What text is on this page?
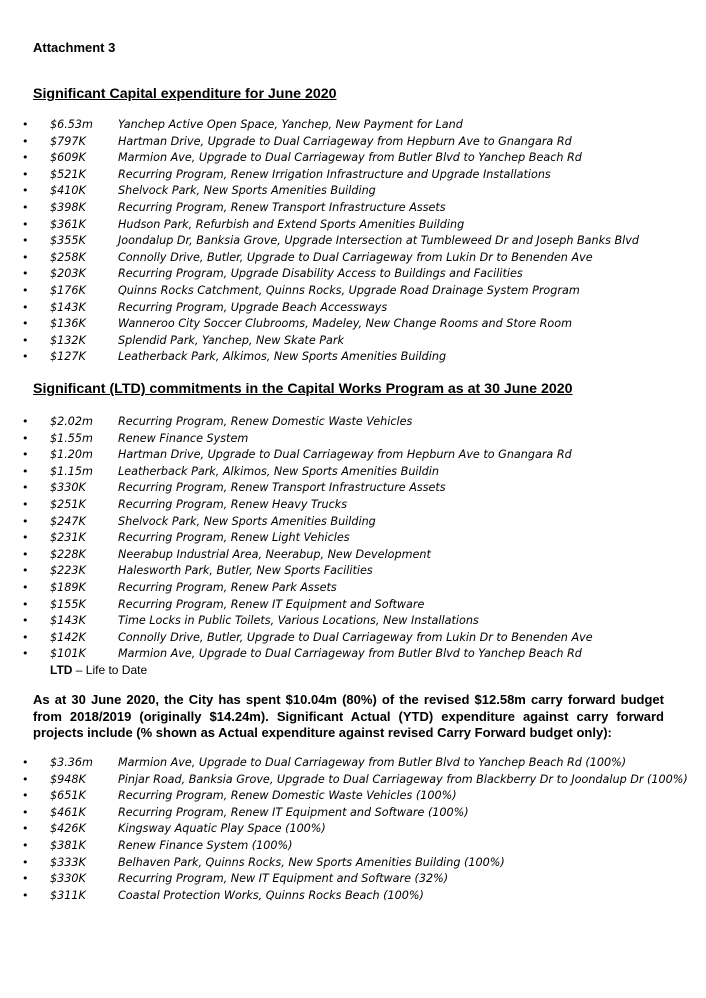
Attachment 3
Significant Capital expenditure for June 2020
• $6.53m Yanchep Active Open Space, Yanchep, New Payment for Land
• $797K	Hartman Drive, Upgrade to Dual Carriageway from Hepburn Ave to Gnangara Rd
• $609K	Marmion Ave, Upgrade to Dual Carriageway from Butler Blvd to Yanchep Beach Rd
• $521K	Recurring Program, Renew Irrigation Infrastructure and Upgrade Installations
• $410K	Shelvock Park, New Sports Amenities Building
• $398K	Recurring Program, Renew Transport Infrastructure Assets
• $361K	Hudson Park, Refurbish and Extend Sports Amenities Building
• $355K	Joondalup Dr, Banksia Grove, Upgrade Intersection at Tumbleweed Dr and Joseph Banks Blvd
• $258K	Connolly Drive, Butler, Upgrade to Dual Carriageway from Lukin Dr to Benenden Ave
• $203K	Recurring Program, Upgrade Disability Access to Buildings and Facilities
• $176K	Quinns Rocks Catchment, Quinns Rocks, Upgrade Road Drainage System Program
• $143K	Recurring Program, Upgrade Beach Accessways
• $136K	Wanneroo City Soccer Clubrooms, Madeley, New Change Rooms and Store Room
• $132K	Splendid Park, Yanchep, New Skate Park
• $127K	Leatherback Park, Alkimos, New Sports Amenities Building
Significant (LTD) commitments in the Capital Works Program as at 30 June 2020
• $2.02m Recurring Program, Renew Domestic Waste Vehicles
• $1.55m Renew Finance System
• $1.20m Hartman Drive, Upgrade to Dual Carriageway from Hepburn Ave to Gnangara Rd
• $1.15m Leatherback Park, Alkimos, New Sports Amenities Buildin
• $330K	Recurring Program, Renew Transport Infrastructure Assets
• $251K	Recurring Program, Renew Heavy Trucks
• $247K	Shelvock Park, New Sports Amenities Building
• $231K	Recurring Program, Renew Light Vehicles
• $228K	Neerabup Industrial Area, Neerabup, New Development
• $223K	Halesworth Park, Butler, New Sports Facilities
• $189K	Recurring Program, Renew Park Assets
• $155K	Recurring Program, Renew IT Equipment and Software
• $143K	Time Locks in Public Toilets, Various Locations, New Installations
• $142K	Connolly Drive, Butler, Upgrade to Dual Carriageway from Lukin Dr to Benenden Ave
• $101K	Marmion Ave, Upgrade to Dual Carriageway from Butler Blvd to Yanchep Beach Rd
LTD – Life to Date

As at 30 June 2020, the City has spent $10.04m (80%) of the revised $12.58m carry forward budget from 2018/2019 (originally $14.24m). Significant Actual (YTD) expenditure against carry forward projects include (% shown as Actual expenditure against revised Carry Forward budget only):

• $3.36m Marmion Ave, Upgrade to Dual Carriageway from Butler Blvd to Yanchep Beach Rd (100%)
• $948K	Pinjar Road, Banksia Grove, Upgrade to Dual Carriageway from Blackberry Dr to Joondalup Dr (100%)
• $651K	Recurring Program, Renew Domestic Waste Vehicles (100%)
• $461K	Recurring Program, Renew IT Equipment and Software (100%)
• $426K	Kingsway Aquatic Play Space (100%)
• $381K	Renew Finance System (100%)
• $333K	Belhaven Park, Quinns Rocks, New Sports Amenities Building (100%)
• $330K	Recurring Program, New IT Equipment and Software (32%)
• $311K	Coastal Protection Works, Quinns Rocks Beach (100%)
